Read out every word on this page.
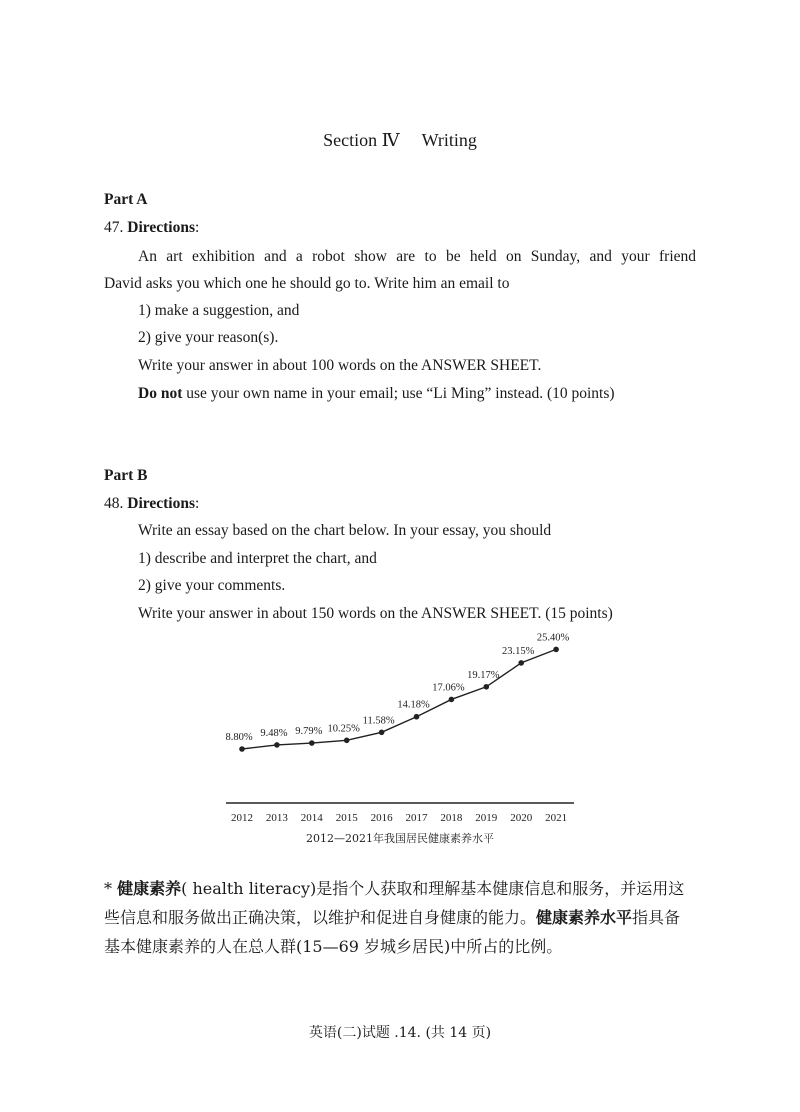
Section Ⅳ Writing
Part A
47. Directions:
An art exhibition and a robot show are to be held on Sunday, and your friend
David asks you which one he should go to. Write him an email to
1) make a suggestion, and
2) give your reason(s).
Write your answer in about 100 words on the ANSWER SHEET.
Do not use your own name in your email; use “Li Ming” instead. (10 points)
Part B
48. Directions:
Write an essay based on the chart below. In your essay, you should
1) describe and interpret the chart, and
2) give your comments.
Write your answer in about 150 words on the ANSWER SHEET. (15 points)
8.80%
2012
9.48%
2013
9.79%
2014
10.25%
2015
11.58%
2016
14.18%
2017
17.06%
2018
19.17%
2019
23.15%
2020
25.40%
2021
2012—2021年我国居民健康素养水平
* 健康素养( health literacy)是指个人获取和理解基本健康信息和服务，并运用这些信息和服务做出正确决策，以维护和促进自身健康的能力。健康素养水平指具备基本健康素养的人在总人群(15—69 岁城乡居民)中所占的比例。
英语(二)试题 .14. (共 14 页)
